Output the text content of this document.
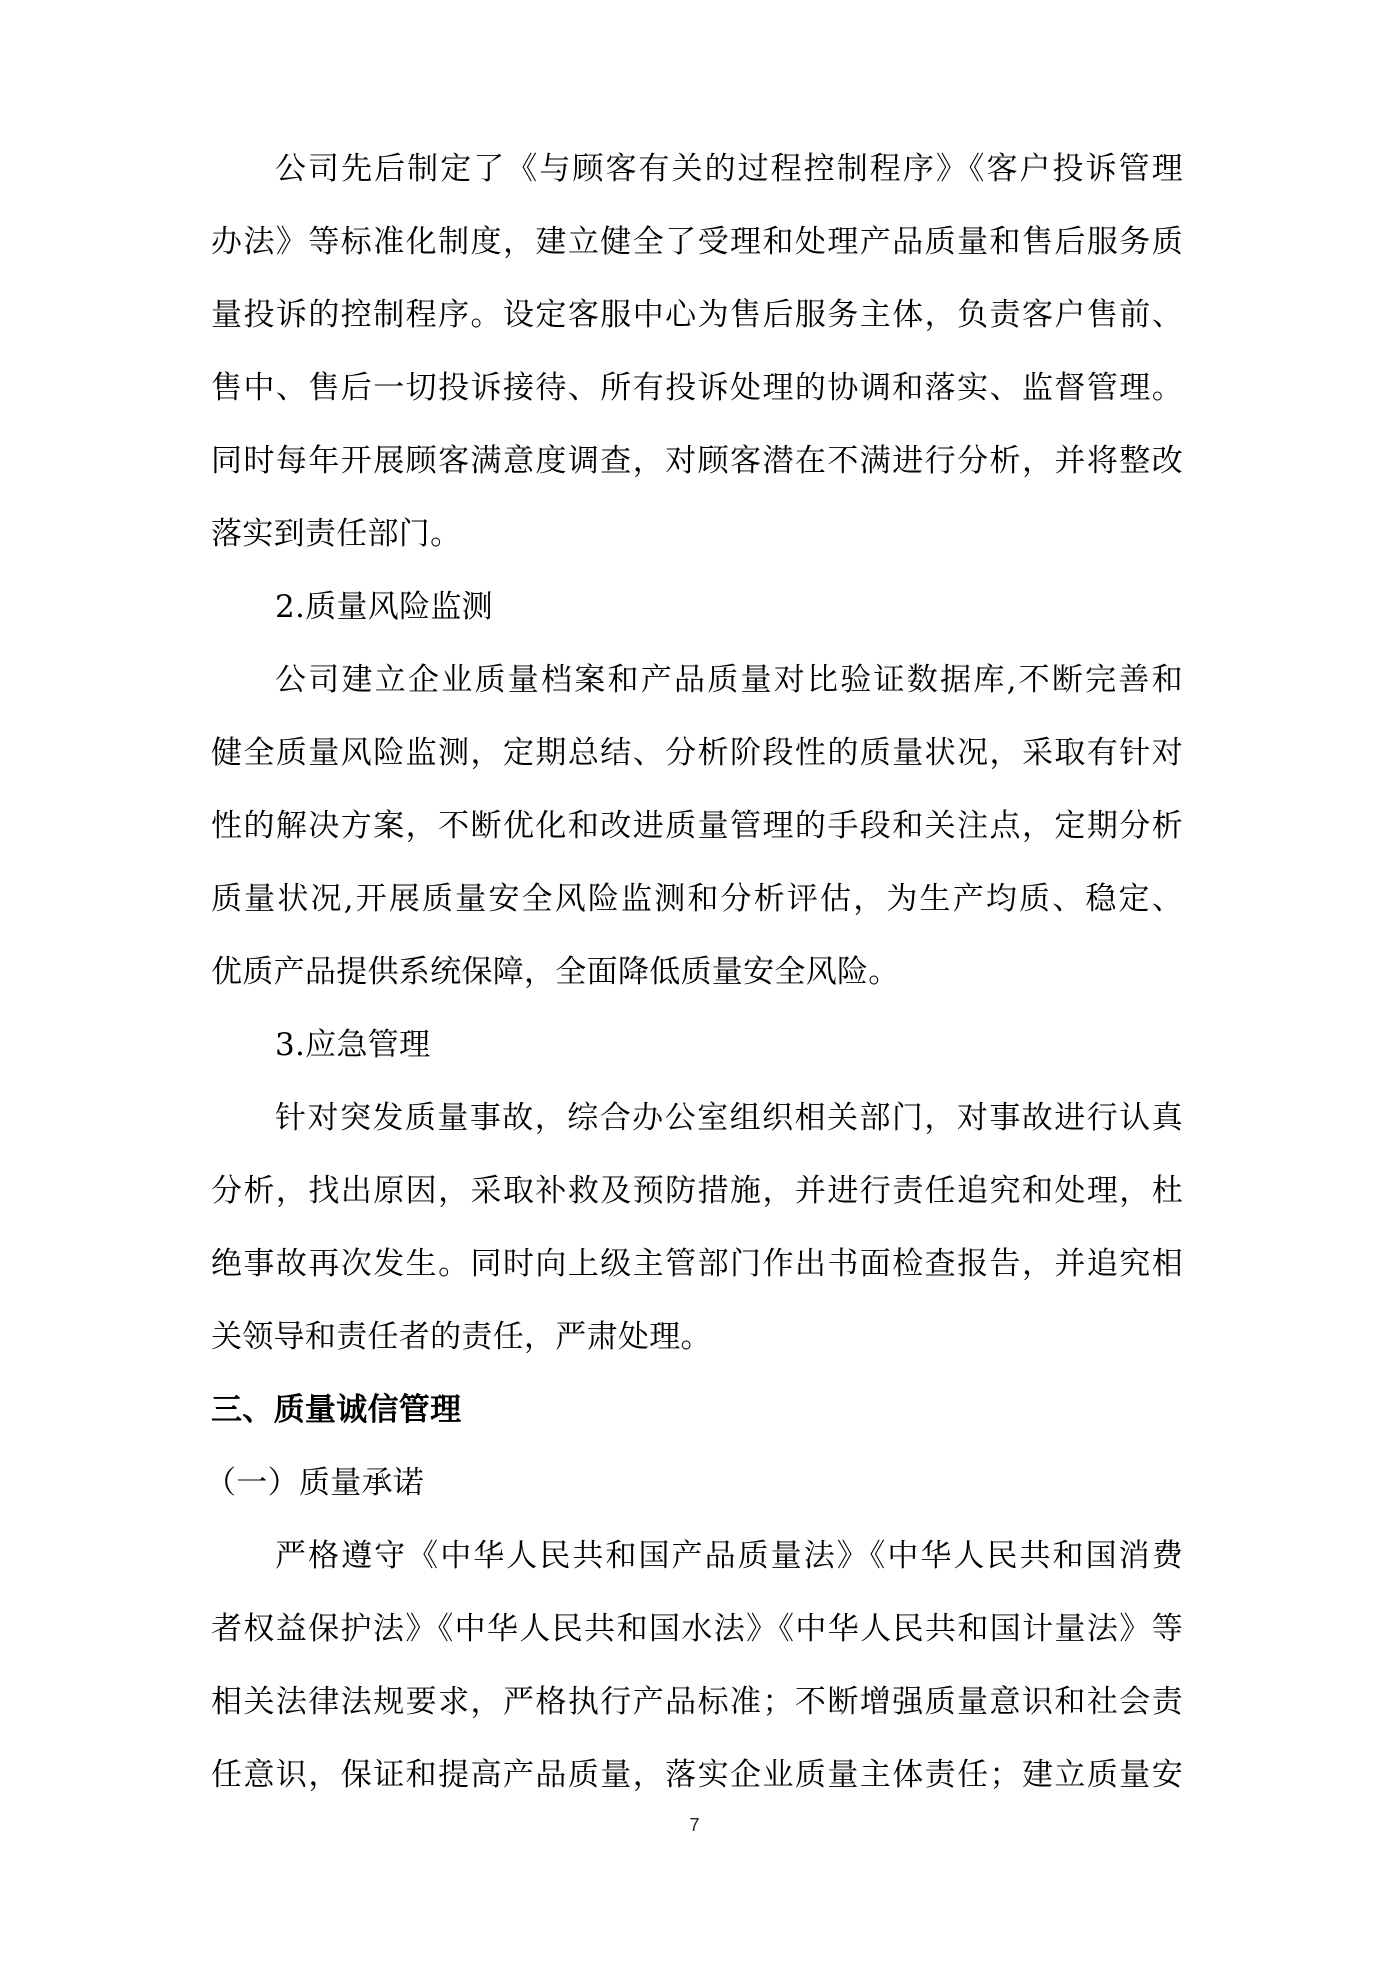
公司先后制定了《与顾客有关的过程控制程序》《客户投诉管理
办法》等标准化制度，建立健全了受理和处理产品质量和售后服务质
量投诉的控制程序。设定客服中心为售后服务主体，负责客户售前、
售中、售后一切投诉接待、所有投诉处理的协调和落实、监督管理。
同时每年开展顾客满意度调查，对顾客潜在不满进行分析，并将整改
落实到责任部门。
2.质量风险监测
公司建立企业质量档案和产品质量对比验证数据库,不断完善和
健全质量风险监测，定期总结、分析阶段性的质量状况，采取有针对
性的解决方案，不断优化和改进质量管理的手段和关注点，定期分析
质量状况,开展质量安全风险监测和分析评估，为生产均质、稳定、
优质产品提供系统保障，全面降低质量安全风险。
3.应急管理
针对突发质量事故，综合办公室组织相关部门，对事故进行认真
分析，找出原因，采取补救及预防措施，并进行责任追究和处理，杜
绝事故再次发生。同时向上级主管部门作出书面检查报告，并追究相
关领导和责任者的责任，严肃处理。
三、质量诚信管理
（一）质量承诺
严格遵守《中华人民共和国产品质量法》《中华人民共和国消费
者权益保护法》《中华人民共和国水法》《中华人民共和国计量法》等
相关法律法规要求，严格执行产品标准；不断增强质量意识和社会责
任意识，保证和提高产品质量，落实企业质量主体责任；建立质量安
7
